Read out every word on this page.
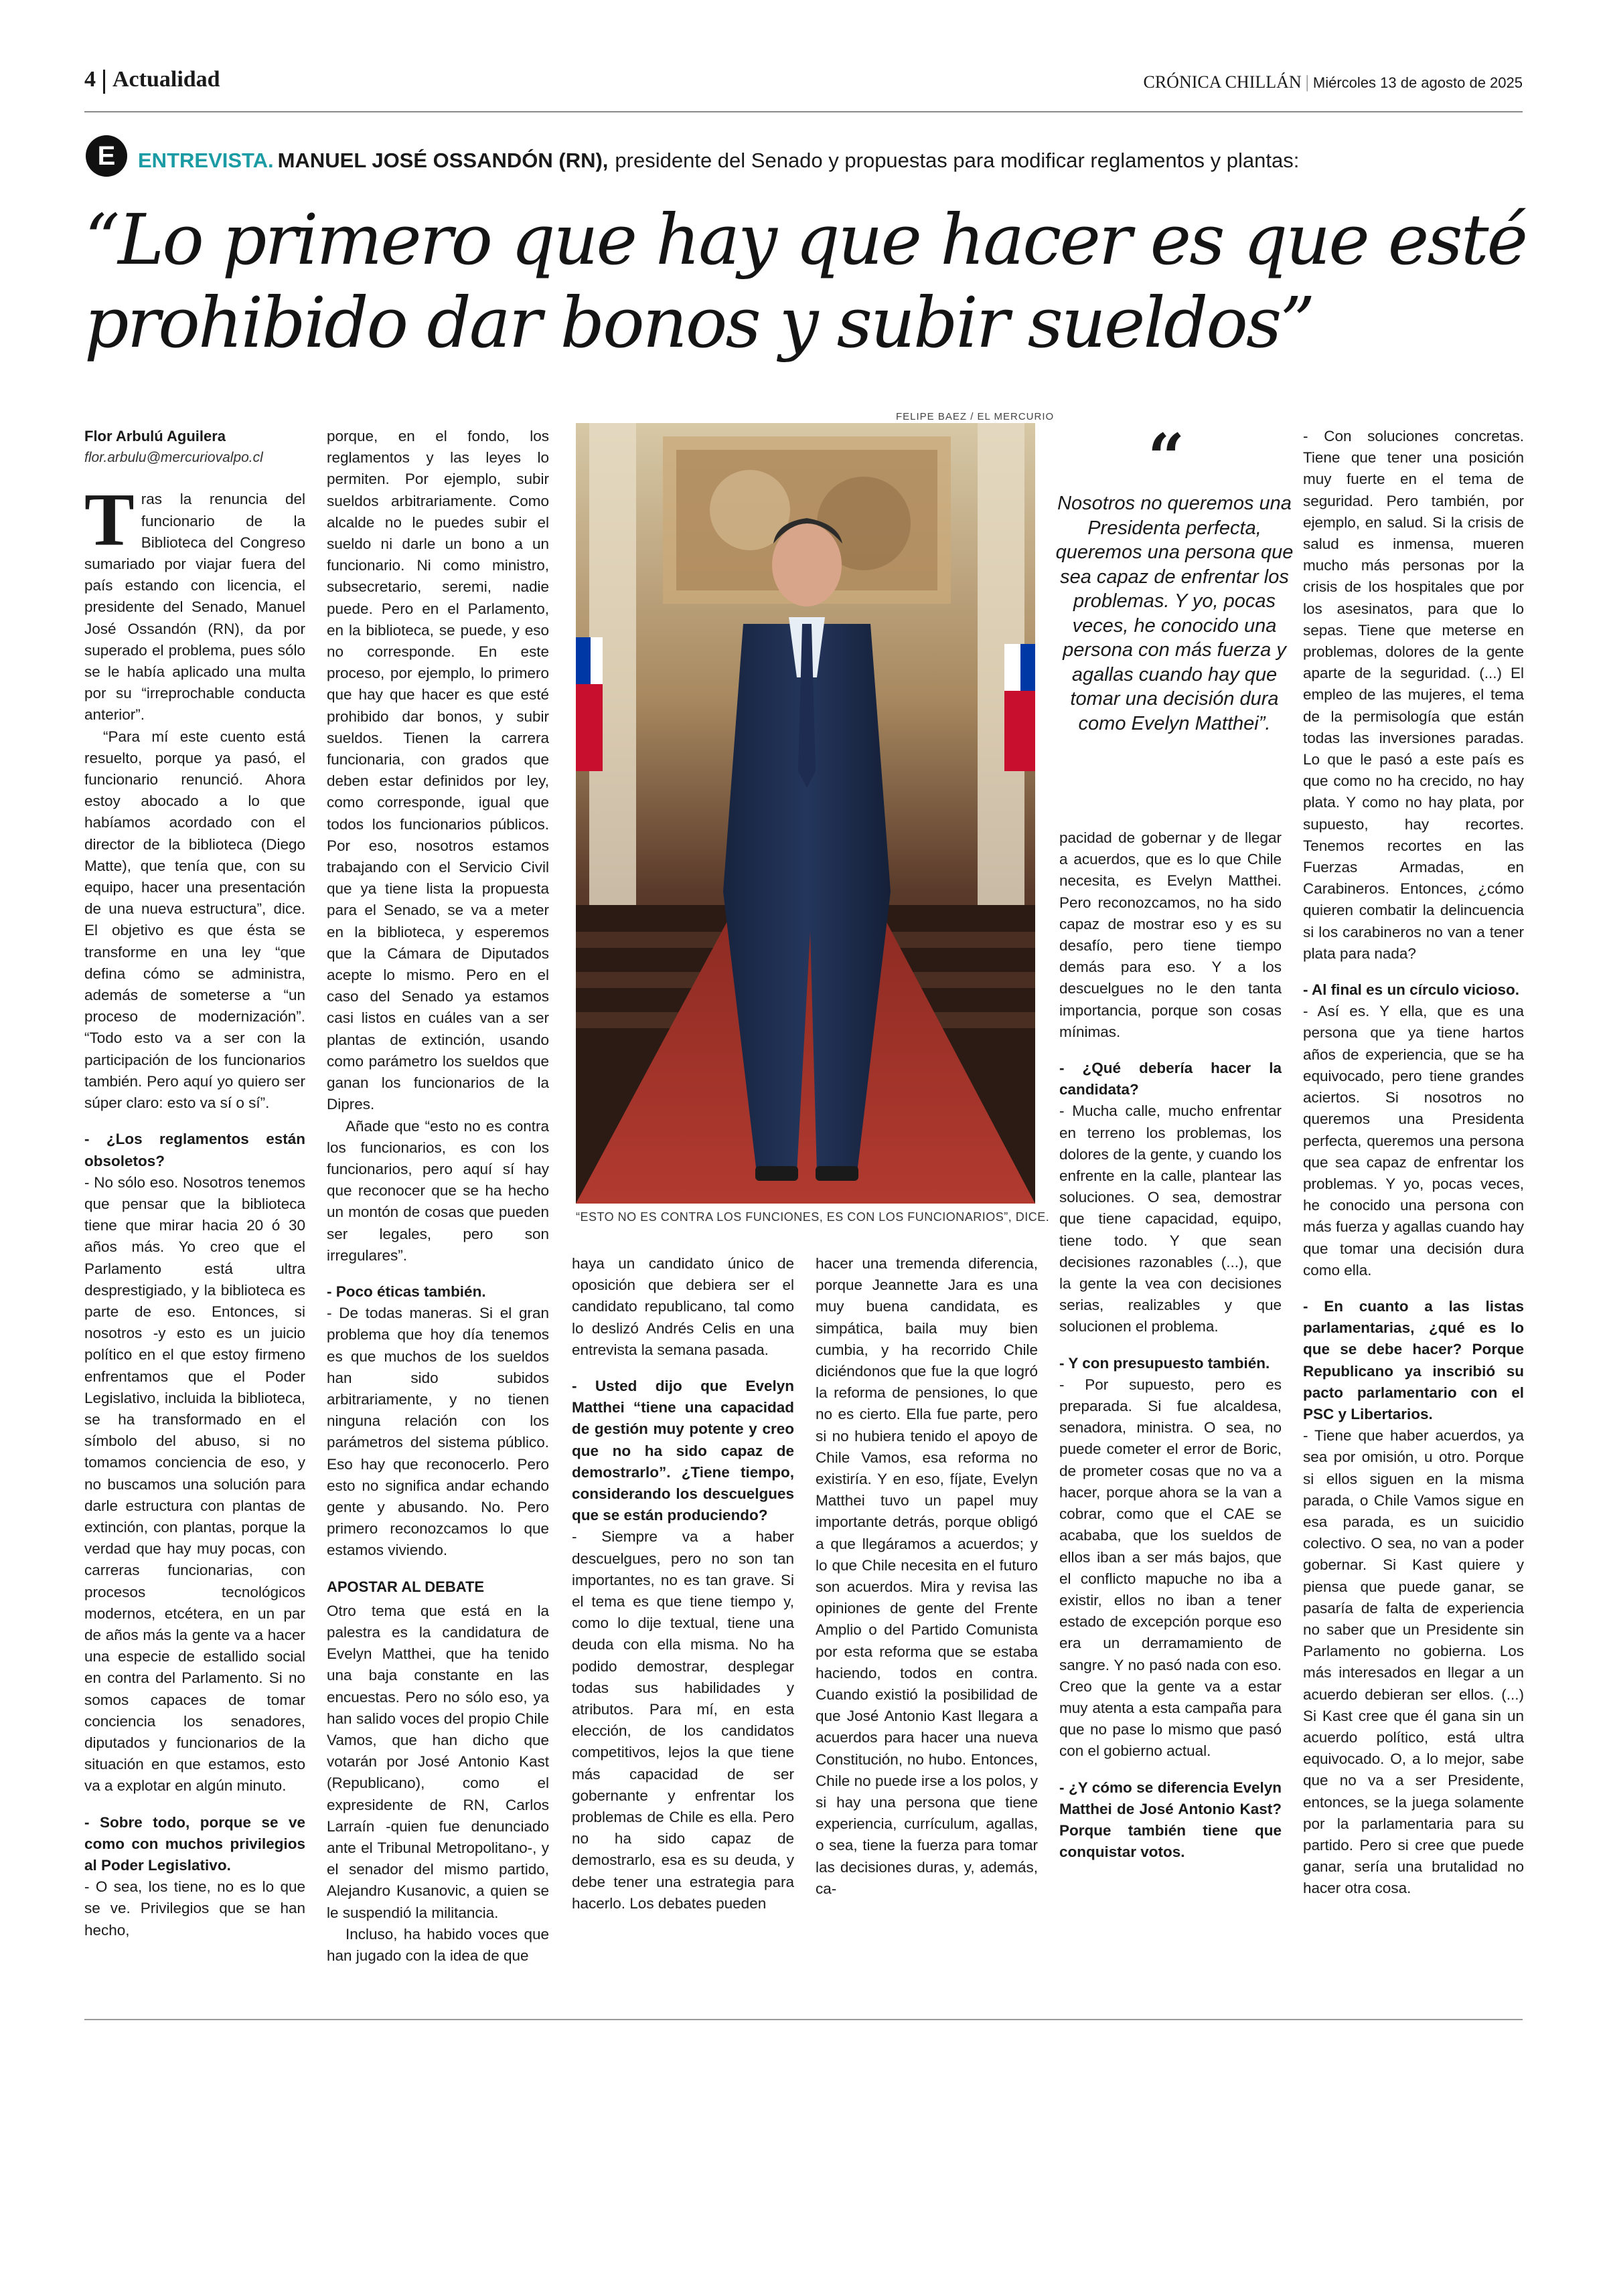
4 Actualidad	CRÓNICA CHILLÁN | Miércoles 13 de agosto de 2025
E	ENTREVISTA. MANUEL JOSÉ OSSANDÓN (RN), presidente del Senado y propuestas para modificar reglamentos y plantas:
“Lo primero que hay que hacer es que esté prohibido dar bonos y subir sueldos”
Flor Arbulú Aguilera
flor.arbulu@mercuriovalpo.cl

Tras la renuncia del funcionario de la Biblioteca del Congreso sumariado por viajar fuera del país estando con licencia, el presidente del Senado, Manuel José Ossandón (RN), da por superado el problema, pues sólo se le había aplicado una multa por su “irreprochable conducta anterior”.

“Para mí este cuento está resuelto, porque ya pasó, el funcionario renunció. Ahora estoy abocado a lo que habíamos acordado con el director de la biblioteca (Diego Matte), que tenía que, con su equipo, hacer una presentación de una nueva estructura”, dice. El objetivo es que ésta se transforme en una ley “que defina cómo se administra, además de someterse a “un proceso de modernización”. “Todo esto va a ser con la participación de los funcionarios también. Pero aquí yo quiero ser súper claro: esto va sí o sí”.

- ¿Los reglamentos están obsoletos?

- No sólo eso. Nosotros tenemos que pensar que la biblioteca tiene que mirar hacia 20 ó 30 años más. Yo creo que el Parlamento está ultra desprestigiado, y la biblioteca es parte de eso. Entonces, si nosotros -y esto es un juicio político en el que estoy firmeno enfrentamos que el Poder Legislativo, incluida la biblioteca, se ha transformado en el símbolo del abuso, si no tomamos conciencia de eso, y no buscamos una solución para darle estructura con plantas de extinción, con plantas, porque la verdad que hay muy pocas, con carreras funcionarias, con procesos tecnológicos modernos, etcétera, en un par de años más la gente va a hacer una especie de estallido social en contra del Parlamento. Si no somos capaces de tomar conciencia los senadores, diputados y funcionarios de la situación en que estamos, esto va a explotar en algún minuto.

- Sobre todo, porque se ve como con muchos privilegios al Poder Legislativo.

- O sea, los tiene, no es lo que se ve. Privilegios que se han hecho,

porque, en el fondo, los reglamentos y las leyes lo permiten. Por ejemplo, subir sueldos arbitrariamente. Como alcalde no le puedes subir el sueldo ni darle un bono a un funcionario. Ni como ministro, subsecretario, seremi, nadie puede. Pero en el Parlamento, en la biblioteca, se puede, y eso no corresponde. En este proceso, por ejemplo, lo primero que hay que hacer es que esté prohibido dar bonos, y subir sueldos. Tienen la carrera funcionaria, con grados que deben estar definidos por ley, como corresponde, igual que todos los funcionarios públicos. Por eso, nosotros estamos trabajando con el Servicio Civil que ya tiene lista la propuesta para el Senado, se va a meter en la biblioteca, y esperemos que la Cámara de Diputados acepte lo mismo. Pero en el caso del Senado ya estamos casi listos en cuáles van a ser plantas de extinción, usando como parámetro los sueldos que ganan los funcionarios de la Dipres.

Añade que “esto no es contra los funcionarios, es con los funcionarios, pero aquí sí hay que reconocer que se ha hecho un montón de cosas que pueden ser legales, pero son irregulares”.

- Poco éticas también.

- De todas maneras. Si el gran problema que hoy día tenemos es que muchos de los sueldos han sido subidos arbitrariamente, y no tienen ninguna relación con los parámetros del sistema público. Eso hay que reconocerlo. Pero esto no significa andar echando gente y abusando. No. Pero primero reconozcamos lo que estamos viviendo.

APOSTAR AL DEBATE

Otro tema que está en la palestra es la candidatura de Evelyn Matthei, que ha tenido una baja constante en las encuestas. Pero no sólo eso, ya han salido voces del propio Chile Vamos, que han dicho que votarán por José Antonio Kast (Republicano), como el expresidente de RN, Carlos Larraín -quien fue denunciado ante el Tribunal Metropolitano-, y el senador del mismo partido, Alejandro Kusanovic, a quien se le suspendió la militancia.

Incluso, ha habido voces que han jugado con la idea de que

FELIPE BAEZ / EL MERCURIO
“ESTO NO ES CONTRA LOS FUNCIONES, ES CON LOS FUNCIONARIOS”, DICE.

haya un candidato único de oposición que debiera ser el candidato republicano, tal como lo deslizó Andrés Celis en una entrevista la semana pasada.

- Usted dijo que Evelyn Matthei “tiene una capacidad de gestión muy potente y creo que no ha sido capaz de demostrarlo”. ¿Tiene tiempo, considerando los descuelgues que se están produciendo?

- Siempre va a haber descuelgues, pero no son tan importantes, no es tan grave. Si el tema es que tiene tiempo y, como lo dije textual, tiene una deuda con ella misma. No ha podido demostrar, desplegar todas sus habilidades y atributos. Para mí, en esta elección, de los candidatos competitivos, lejos la que tiene más capacidad de ser gobernante y enfrentar los problemas de Chile es ella. Pero no ha sido capaz de demostrarlo, esa es su deuda, y debe tener una estrategia para hacerlo. Los debates pueden

hacer una tremenda diferencia, porque Jeannette Jara es una muy buena candidata, es simpática, baila muy bien cumbia, y ha recorrido Chile diciéndonos que fue la que logró la reforma de pensiones, lo que no es cierto. Ella fue parte, pero si no hubiera tenido el apoyo de Chile Vamos, esa reforma no existiría. Y en eso, fíjate, Evelyn Matthei tuvo un papel muy importante detrás, porque obligó a que llegáramos a acuerdos; y lo que Chile necesita en el futuro son acuerdos. Mira y revisa las opiniones de gente del Frente Amplio o del Partido Comunista por esta reforma que se estaba haciendo, todos en contra. Cuando existió la posibilidad de que José Antonio Kast llegara a acuerdos para hacer una nueva Constitución, no hubo. Entonces, Chile no puede irse a los polos, y si hay una persona que tiene experiencia, currículum, agallas, o sea, tiene la fuerza para tomar las decisiones duras, y, además, ca-

“
Nosotros no queremos una Presidenta perfecta, queremos una persona que sea capaz de enfrentar los problemas. Y yo, pocas veces, he conocido una persona con más fuerza y agallas cuando hay que tomar una decisión dura como Evelyn Matthei”.

pacidad de gobernar y de llegar a acuerdos, que es lo que Chile necesita, es Evelyn Matthei. Pero reconozcamos, no ha sido capaz de mostrar eso y es su desafío, pero tiene tiempo demás para eso. Y a los descuelgues no le den tanta importancia, porque son cosas mínimas.

- ¿Qué debería hacer la candidata?

- Mucha calle, mucho enfrentar en terreno los problemas, los dolores de la gente, y cuando los enfrente en la calle, plantear las soluciones. O sea, demostrar que tiene capacidad, equipo, tiene todo. Y que sean decisiones razonables (...), que la gente la vea con decisiones serias, realizables y que solucionen el problema.

- Y con presupuesto también.

- Por supuesto, pero es preparada. Si fue alcaldesa, senadora, ministra. O sea, no puede cometer el error de Boric, de prometer cosas que no va a hacer, porque ahora se la van a cobrar, como que el CAE se acababa, que los sueldos de ellos iban a ser más bajos, que el conflicto mapuche no iba a existir, ellos no iban a tener estado de excepción porque eso era un derramamiento de sangre. Y no pasó nada con eso. Creo que la gente va a estar muy atenta a esta campaña para que no pase lo mismo que pasó con el gobierno actual.

- ¿Y cómo se diferencia Evelyn Matthei de José Antonio Kast? Porque también tiene que conquistar votos.

- Con soluciones concretas. Tiene que tener una posición muy fuerte en el tema de seguridad. Pero también, por ejemplo, en salud. Si la crisis de salud es inmensa, mueren mucho más personas por la crisis de los hospitales que por los asesinatos, para que lo sepas. Tiene que meterse en problemas, dolores de la gente aparte de la seguridad. (...) El empleo de las mujeres, el tema de la permisología que están todas las inversiones paradas. Lo que le pasó a este país es que como no ha crecido, no hay plata. Y como no hay plata, por supuesto, hay recortes. Tenemos recortes en las Fuerzas Armadas, en Carabineros. Entonces, ¿cómo quieren combatir la delincuencia si los carabineros no van a tener plata para nada?

- Al final es un círculo vicioso.

- Así es. Y ella, que es una persona que ya tiene hartos años de experiencia, que se ha equivocado, pero tiene grandes aciertos. Si nosotros no queremos una Presidenta perfecta, queremos una persona que sea capaz de enfrentar los problemas. Y yo, pocas veces, he conocido una persona con más fuerza y agallas cuando hay que tomar una decisión dura como ella.

- En cuanto a las listas parlamentarias, ¿qué es lo que se debe hacer? Porque Republicano ya inscribió su pacto parlamentario con el PSC y Libertarios.

- Tiene que haber acuerdos, ya sea por omisión, u otro. Porque si ellos siguen en la misma parada, o Chile Vamos sigue en esa parada, es un suicidio colectivo. O sea, no van a poder gobernar. Si Kast quiere y piensa que puede ganar, se pasaría de falta de experiencia no saber que un Presidente sin Parlamento no gobierna. Los más interesados en llegar a un acuerdo debieran ser ellos. (...) Si Kast cree que él gana sin un acuerdo político, está ultra equivocado. O, a lo mejor, sabe que no va a ser Presidente, entonces, se la juega solamente por la parlamentaria para su partido. Pero si cree que puede ganar, sería una brutalidad no hacer otra cosa.
